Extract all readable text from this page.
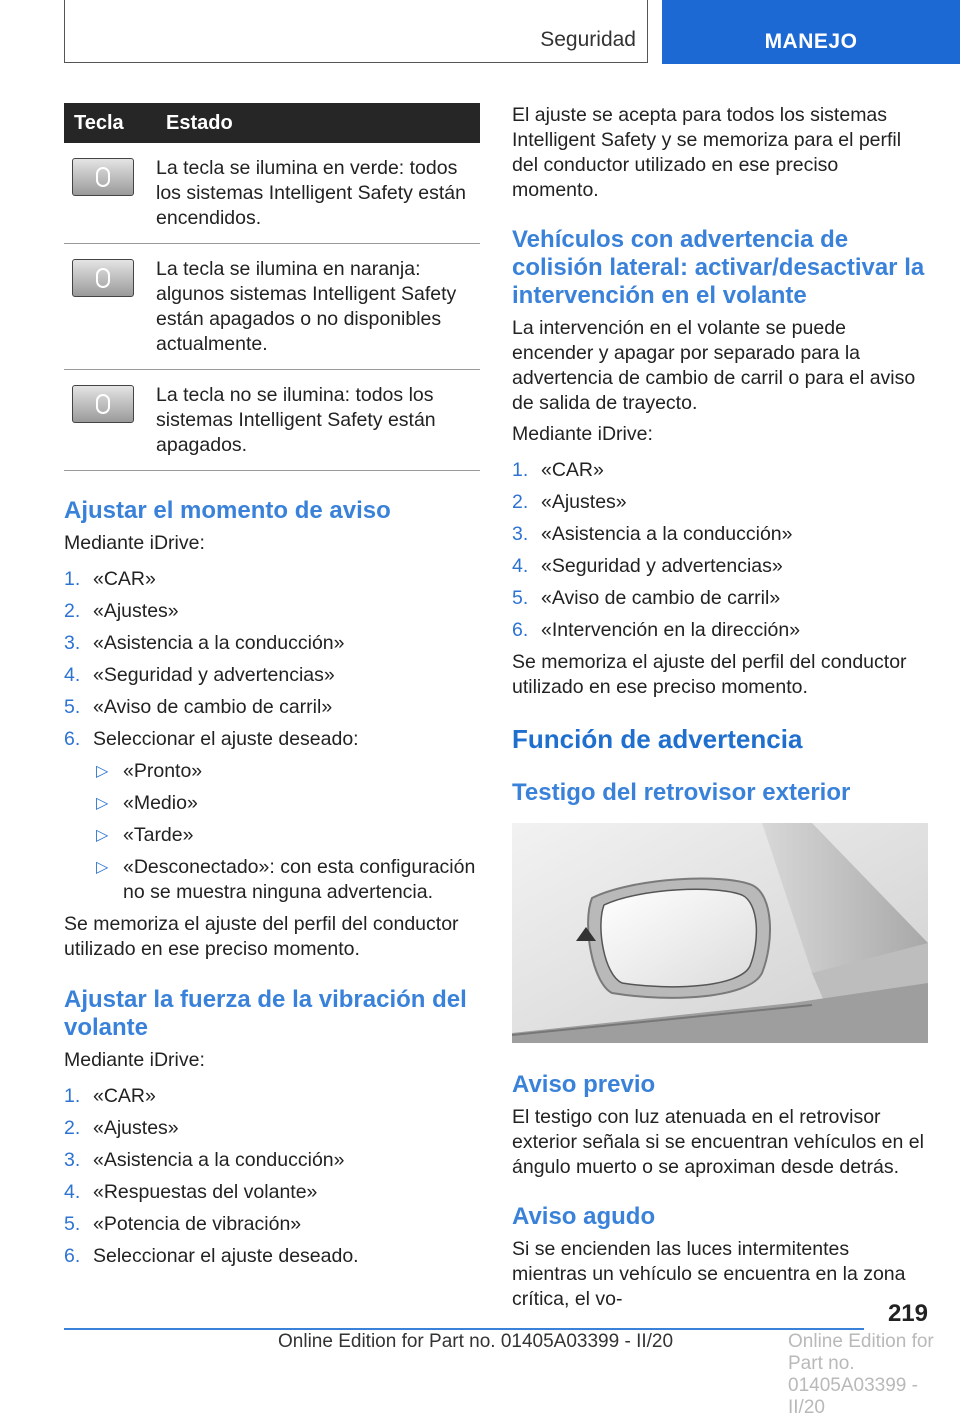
Seguridad	MANEJO
Tecla	Estado

	La tecla se ilumina en verde: todos los sistemas Intelligent Safety están encendidos.

	La tecla se ilumina en naranja: algunos sistemas Intelligent Safety están apagados o no disponibles actualmente.

	La tecla no se ilumina: todos los sistemas Intelligent Safety están apagados.
Ajustar el momento de aviso

Mediante iDrive:

1. «CAR»
2. «Ajustes»
3. «Asistencia a la conducción»
4. «Seguridad y advertencias»
5. «Aviso de cambio de carril»
6. Seleccionar el ajuste deseado:
▷ «Pronto»
▷ «Medio»
▷ «Tarde»
▷ «Desconectado»: con esta configuración no se muestra ninguna advertencia.

Se memoriza el ajuste del perfil del conductor utilizado en ese preciso momento.

Ajustar la fuerza de la vibración del volante

Mediante iDrive:

1. «CAR»
2. «Ajustes»
3. «Asistencia a la conducción»
4. «Respuestas del volante»
5. «Potencia de vibración»
6. Seleccionar el ajuste deseado.

El ajuste se acepta para todos los sistemas Intelligent Safety y se memoriza para el perfil del conductor utilizado en ese preciso momento.

Vehículos con advertencia de colisión lateral: activar/desactivar la intervención en el volante

La intervención en el volante se puede encender y apagar por separado para la advertencia de cambio de carril o para el aviso de salida de trayecto.

Mediante iDrive:

1. «CAR»
2. «Ajustes»
3. «Asistencia a la conducción»
4. «Seguridad y advertencias»
5. «Aviso de cambio de carril»
6. «Intervención en la dirección»

Se memoriza el ajuste del perfil del conductor utilizado en ese preciso momento.

Función de advertencia
Testigo del retrovisor exterior
Aviso previo

El testigo con luz atenuada en el retrovisor exterior señala si se encuentran vehículos en el ángulo muerto o se aproximan desde detrás.

Aviso agudo

Si se encienden las luces intermitentes mientras un vehículo se encuentra en la zona crítica, el vo-

219
Online Edition for Part no. 01405A03399 - II/20	Online Edition for Part no. 01405A03399 - II/20
